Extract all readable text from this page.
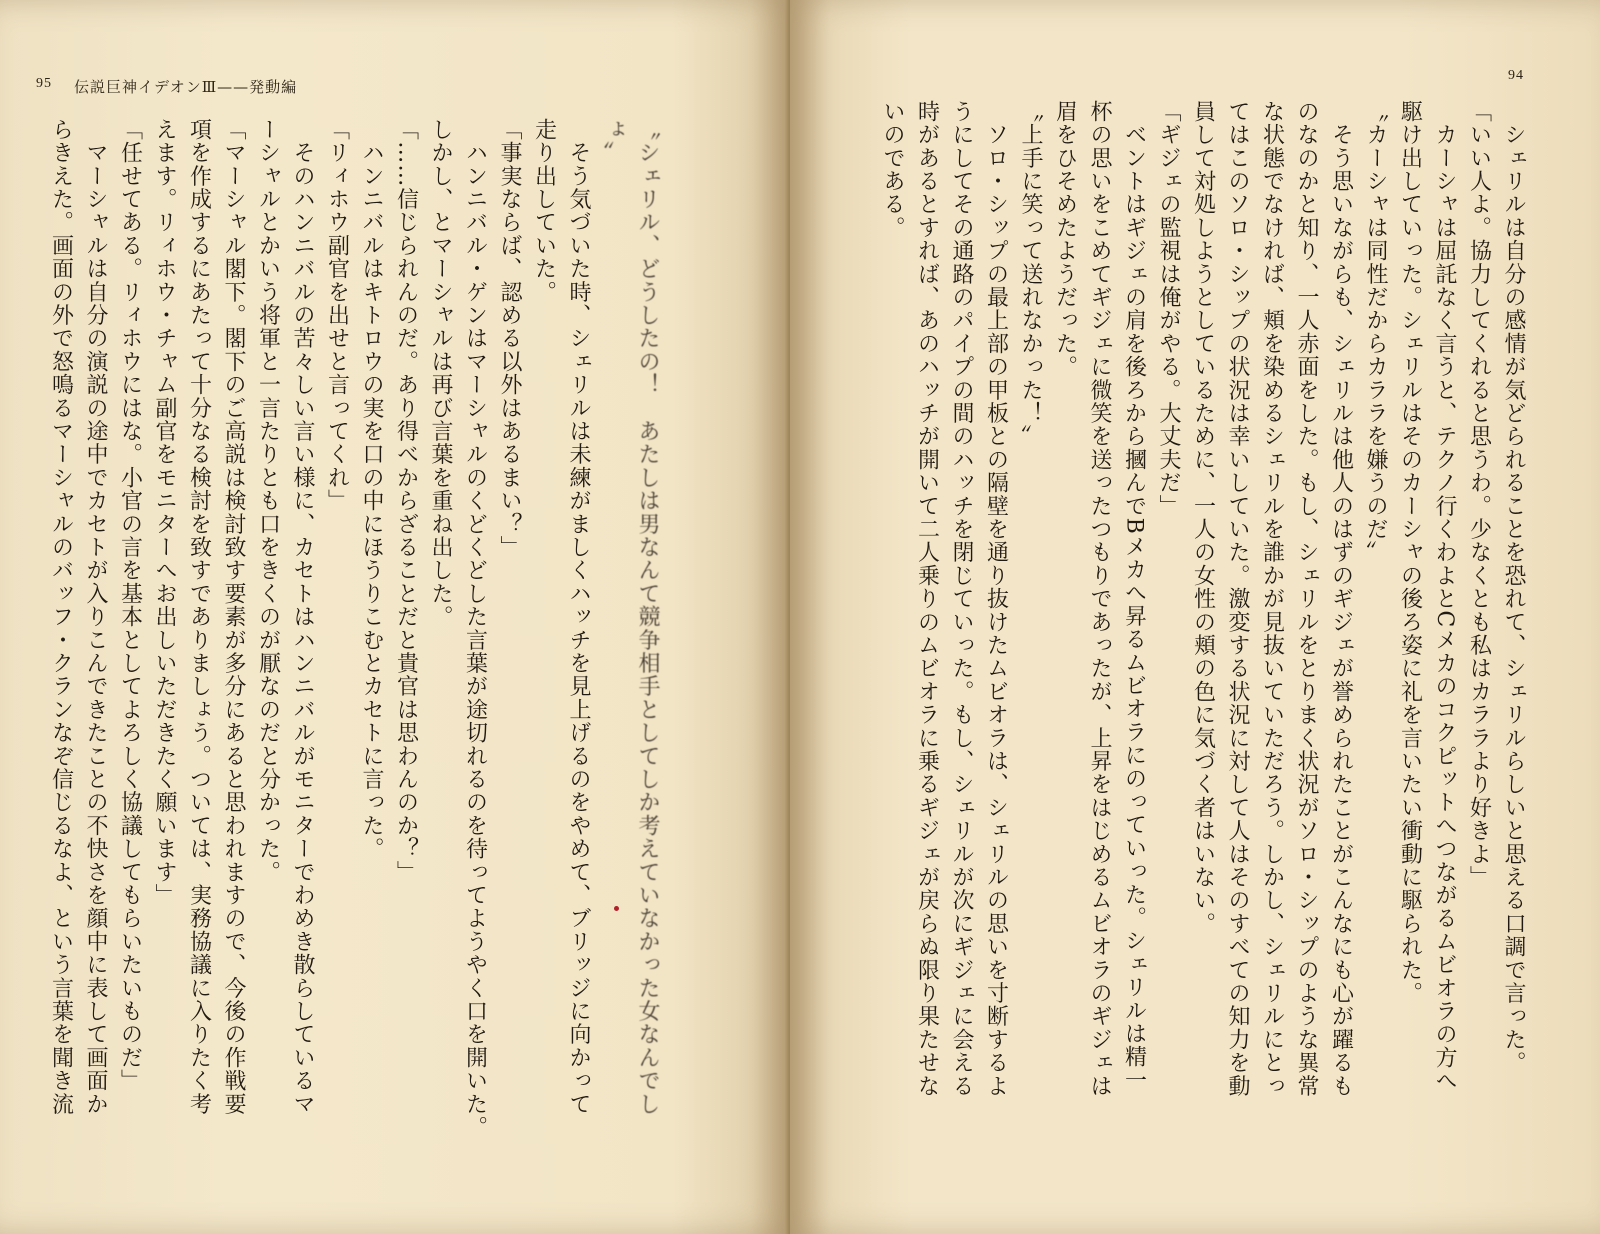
95 伝説巨神イデオンⅢ——発動編

〝シェリル、どうしたの！　あたしは男なんて競争相手としてしか考えていなかった女なんでし

ょ〟

　そう気づいた時、シェリルは未練がましくハッチを見上げるのをやめて、ブリッジに向かって

走り出していた。

「事実ならば、認める以外はあるまい？」

　ハンニバル・ゲンはマーシャルのくどくどした言葉が途切れるのを待ってようやく口を開いた。

しかし、とマーシャルは再び言葉を重ね出した。

「……信じられんのだ。あり得べからざることだと貴官は思わんのか？」

　ハンニバルはキトロウの実を口の中にほうりこむとカセトに言った。

「リィホウ副官を出せと言ってくれ」

　そのハンニバルの苦々しい言い様に、カセトはハンニバルがモニターでわめき散らしているマ

ーシャルとかいう将軍と一言たりとも口をきくのが厭なのだと分かった。

「マーシャル閣下。閣下のご高説は検討致す要素が多分にあると思われますので、今後の作戦要

項を作成するにあたって十分なる検討を致すでありましょう。ついては、実務協議に入りたく考

えます。リィホウ・チャム副官をモニターへお出しいただきたく願います」

「任せてある。リィホウにはな。小官の言を基本としてよろしく協議してもらいたいものだ」

　マーシャルは自分の演説の途中でカセトが入りこんできたことの不快さを顔中に表して画面か

らきえた。画面の外で怒鳴るマーシャルのバッフ・クランなぞ信じるなよ、という言葉を聞き流

94

　シェリルは自分の感情が気どられることを恐れて、シェリルらしいと思える口調で言った。

「いい人よ。協力してくれると思うわ。少なくとも私はカララより好きよ」

　カーシャは屈託なく言うと、テクノ行くわよとCメカのコクピットへつながるムビオラの方へ

駆け出していった。シェリルはそのカーシャの後ろ姿に礼を言いたい衝動に駆られた。

〝カーシャは同性だからカララを嫌うのだ〟

　そう思いながらも、シェリルは他人のはずのギジェが誉められたことがこんなにも心が躍るも

のなのかと知り、一人赤面をした。もし、シェリルをとりまく状況がソロ・シップのような異常

な状態でなければ、頬を染めるシェリルを誰かが見抜いていただろう。しかし、シェリルにとっ

てはこのソロ・シップの状況は幸いしていた。激変する状況に対して人はそのすべての知力を動

員して対処しようとしているために、一人の女性の頬の色に気づく者はいない。

「ギジェの監視は俺がやる。大丈夫だ」

　ベントはギジェの肩を後ろから摑んでBメカへ昇るムビオラにのっていった。シェリルは精一

杯の思いをこめてギジェに微笑を送ったつもりであったが、上昇をはじめるムビオラのギジェは

眉をひそめたようだった。

〝上手に笑って送れなかった！〟

　ソロ・シップの最上部の甲板との隔壁を通り抜けたムビオラは、シェリルの思いを寸断するよ

うにしてその通路のパイプの間のハッチを閉じていった。もし、シェリルが次にギジェに会える

時があるとすれば、あのハッチが開いて二人乗りのムビオラに乗るギジェが戻らぬ限り果たせな

いのである。
